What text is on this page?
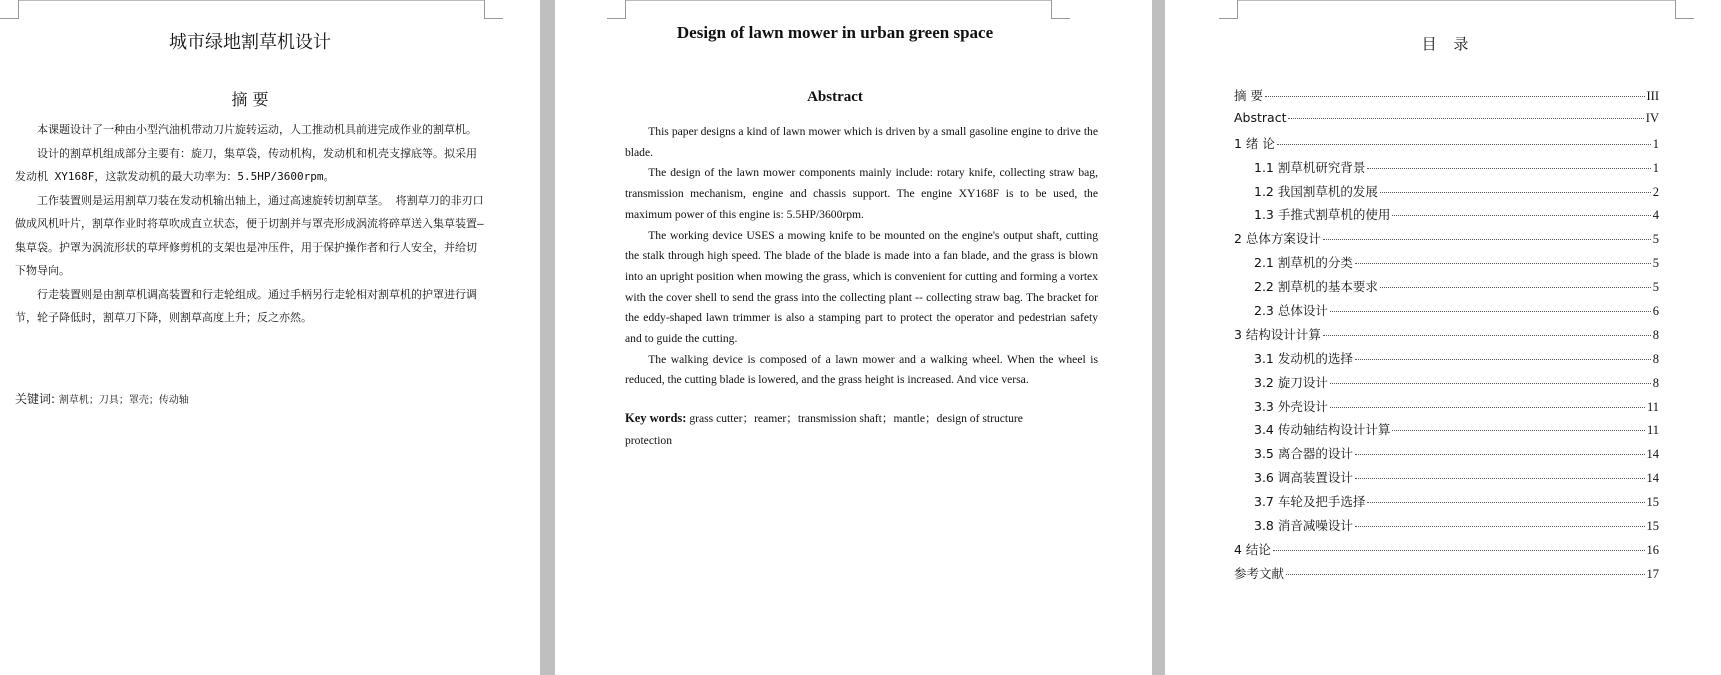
城市绿地割草机设计
摘 要

本课题设计了一种由小型汽油机带动刀片旋转运动，人工推动机具前进完成作业的割草机。

设计的割草机组成部分主要有：旋刀，集草袋，传动机构，发动机和机壳支撑底等。拟采用发动机 XY168F，这款发动机的最大功率为：5.5HP/3600rpm。

工作装置则是运用割草刀装在发动机输出轴上，通过高速旋转切割草茎。 将割草刀的非刃口做成风机叶片，割草作业时将草吹成直立状态，便于切割并与罩壳形成涡流将碎草送入集草装置—集草袋。护罩为涡流形状的草坪修剪机的支架也是冲压件，用于保护操作者和行人安全，并给切下物导向。

行走装置则是由割草机调高装置和行走轮组成。通过手柄另行走轮相对割草机的护罩进行调节，轮子降低时，割草刀下降，则割草高度上升；反之亦然。

关键词: 割草机；刀具；罩壳；传动轴
Design of lawn mower in urban green space
Abstract

This paper designs a kind of lawn mower which is driven by a small gasoline engine to drive the blade.

The design of the lawn mower components mainly include: rotary knife, collecting straw bag, transmission mechanism, engine and chassis support. The engine XY168F is to be used, the maximum power of this engine is: 5.5HP/3600rpm.

The working device USES a mowing knife to be mounted on the engine's output shaft, cutting the stalk through high speed. The blade of the blade is made into a fan blade, and the grass is blown into an upright position when mowing the grass, which is convenient for cutting and forming a vortex with the cover shell to send the grass into the collecting plant -- collecting straw bag. The bracket for the eddy-shaped lawn trimmer is also a stamping part to protect the operator and pedestrian safety and to guide the cutting.

The walking device is composed of a lawn mower and a walking wheel. When the wheel is reduced, the cutting blade is lowered, and the grass height is increased. And vice versa.

Key words: grass cutter；reamer；transmission shaft；mantle；design of structure protection
目 录
摘 要	III
Abstract	IV
1 绪 论	1
1.1 割草机研究背景	1
1.2 我国割草机的发展	2
1.3 手推式割草机的使用	4
2 总体方案设计	5
2.1 割草机的分类	5
2.2 割草机的基本要求	5
2.3 总体设计	6
3 结构设计计算	8
3.1 发动机的选择	8
3.2 旋刀设计	8
3.3 外壳设计	11
3.4 传动轴结构设计计算	11
3.5 离合器的设计	14
3.6 调高装置设计	14
3.7 车轮及把手选择	15
3.8 消音减噪设计	15
4 结论	16
参考文献	17
